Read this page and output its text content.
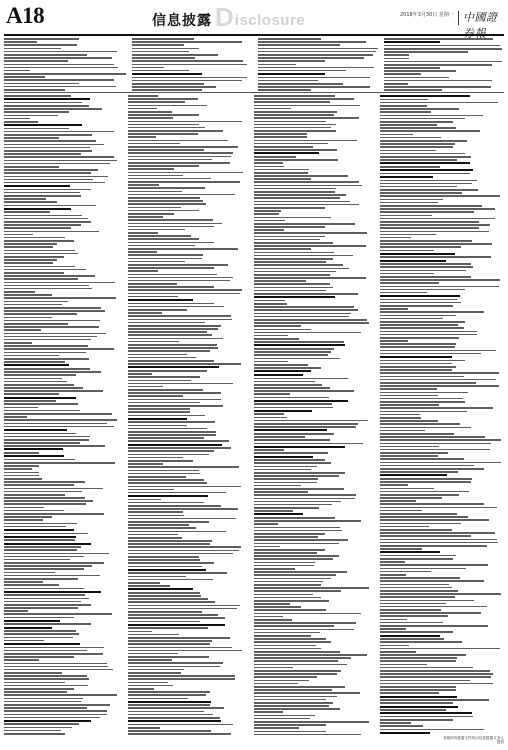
A18	信息披露 D isclosure	2018年3月30日 星期一 中國證
本版所有披露文件均由信息披露义务人提供
